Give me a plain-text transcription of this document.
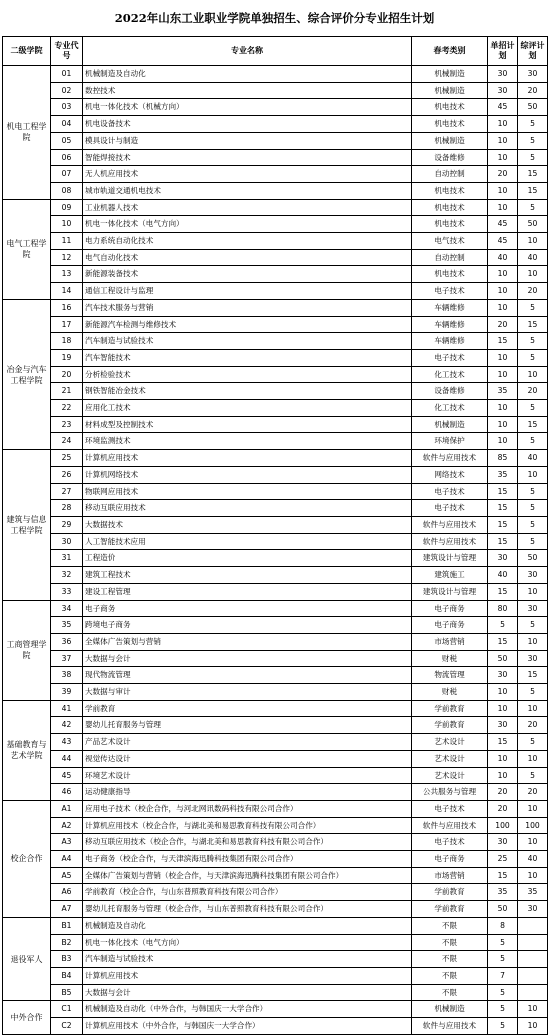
2022年山东工业职业学院单独招生、综合评价分专业招生计划
二级学院	专业代号	专业名称	春考类别	单招计划	综评计划
机电工程学院	01	机械制造及自动化	机械制造	30	30
	02	数控技术	机械制造	30	20
	03	机电一体化技术（机械方向）	机电技术	45	50
	04	机电设备技术	机电技术	10	5
	05	模具设计与制造	机械制造	10	5
	06	智能焊接技术	设备维修	10	5
	07	无人机应用技术	自动控制	20	15
	08	城市轨道交通机电技术	机电技术	10	15
电气工程学院	09	工业机器人技术	机电技术	10	5
	10	机电一体化技术（电气方向）	机电技术	45	50
	11	电力系统自动化技术	电气技术	45	10
	12	电气自动化技术	自动控制	40	40
	13	新能源装备技术	机电技术	10	10
	14	通信工程设计与监理	电子技术	10	20
冶金与汽车工程学院	16	汽车技术服务与营销	车辆维修	10	5
	17	新能源汽车检测与维修技术	车辆维修	20	15
	18	汽车制造与试验技术	车辆维修	15	5
	19	汽车智能技术	电子技术	10	5
	20	分析检验技术	化工技术	10	10
	21	钢铁智能冶金技术	设备维修	35	20
	22	应用化工技术	化工技术	10	5
	23	材料成型及控制技术	机械制造	10	15
	24	环境监测技术	环境保护	10	5
建筑与信息工程学院	25	计算机应用技术	软件与应用技术	85	40
	26	计算机网络技术	网络技术	35	10
	27	物联网应用技术	电子技术	15	5
	28	移动互联应用技术	电子技术	15	5
	29	大数据技术	软件与应用技术	15	5
	30	人工智能技术应用	软件与应用技术	15	5
	31	工程造价	建筑设计与管理	30	50
	32	建筑工程技术	建筑施工	40	30
	33	建设工程管理	建筑设计与管理	15	10
工商管理学院	34	电子商务	电子商务	80	30
	35	跨境电子商务	电子商务	5	5
	36	全媒体广告策划与营销	市场营销	15	10
	37	大数据与会计	财税	50	30
	38	现代物流管理	物流管理	30	15
	39	大数据与审计	财税	10	5
基础教育与艺术学院	41	学前教育	学前教育	10	10
	42	婴幼儿托育服务与管理	学前教育	30	20
	43	产品艺术设计	艺术设计	15	5
	44	视觉传达设计	艺术设计	10	10
	45	环境艺术设计	艺术设计	10	5
	46	运动健康指导	公共服务与管理	20	20
校企合作	A1	应用电子技术（校企合作，与河北网讯数码科技有限公司合作）	电子技术	20	10
	A2	计算机应用技术（校企合作，与湖北美和易思教育科技有限公司合作）	软件与应用技术	100	100
	A3	移动互联应用技术（校企合作，与湖北美和易思教育科技有限公司合作）	电子技术	30	10
	A4	电子商务（校企合作，与天津滨海迅腾科技集团有限公司合作）	电子商务	25	40
	A5	全媒体广告策划与营销（校企合作，与天津滨海迅腾科技集团有限公司合作）	市场营销	15	10
	A6	学前教育（校企合作，与山东普照教育科技有限公司合作）	学前教育	35	35
	A7	婴幼儿托育服务与管理（校企合作，与山东普照教育科技有限公司合作）	学前教育	50	30
退役军人	B1	机械制造及自动化	不限	8	
	B2	机电一体化技术（电气方向）	不限	5	
	B3	汽车制造与试验技术	不限	5	
	B4	计算机应用技术	不限	7	
	B5	大数据与会计	不限	5	
中外合作	C1	机械制造及自动化（中外合作，与韩国庆一大学合作）	机械制造	5	10
	C2	计算机应用技术（中外合作，与韩国庆一大学合作）	软件与应用技术	5	10
